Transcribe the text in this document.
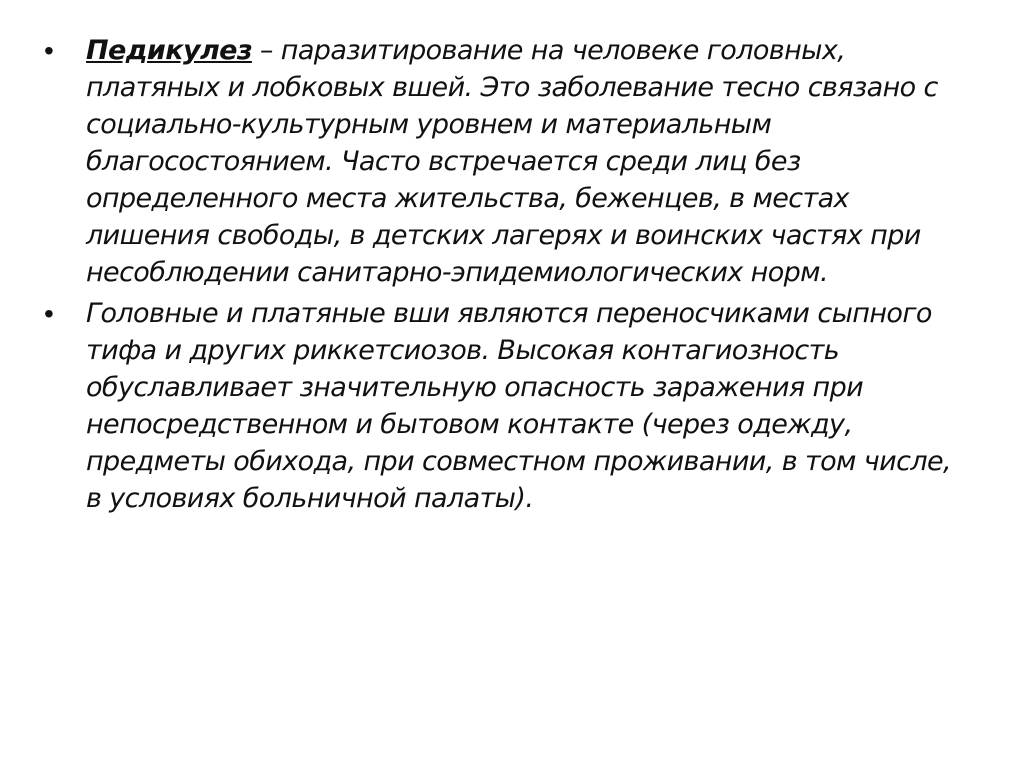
• Педикулез – паразитирование на человеке головных, платяных и лобковых вшей. Это заболевание тесно связано с социально-культурным уровнем и материальным благосостоянием. Часто встречается среди лиц без определенного места жительства, беженцев, в местах лишения свободы, в детских лагерях и воинских частях при несоблюдении санитарно-эпидемиологических норм.
• Головные и платяные вши являются переносчиками сыпного тифа и других риккетсиозов. Высокая контагиозность обуславливает значительную опасность заражения при непосредственном и бытовом контакте (через одежду, предметы обихода, при совместном проживании, в том числе, в условиях больничной палаты).
